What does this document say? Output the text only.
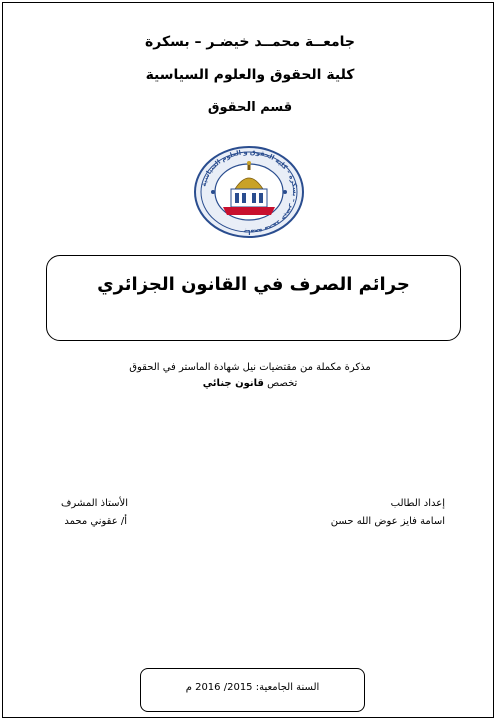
جامعــة محمــد خيضـر – بسكرة
كلية الحقوق والعلوم السياسية
قسم الحقوق
جامعة محمد خيضر – بسكرة – كلية الحقوق و العلوم السياسية
جرائم الصرف في القانون الجزائري
مذكرة مكملة من مقتضيات نيل شهادة الماستر في الحقوق
تخصص قانون جنائي
إعداد الطالب
اسامة فايز عوض الله حسن
الأستاذ المشرف
أ/ عقوني محمد
السنة الجامعية: 2015/ 2016 م
